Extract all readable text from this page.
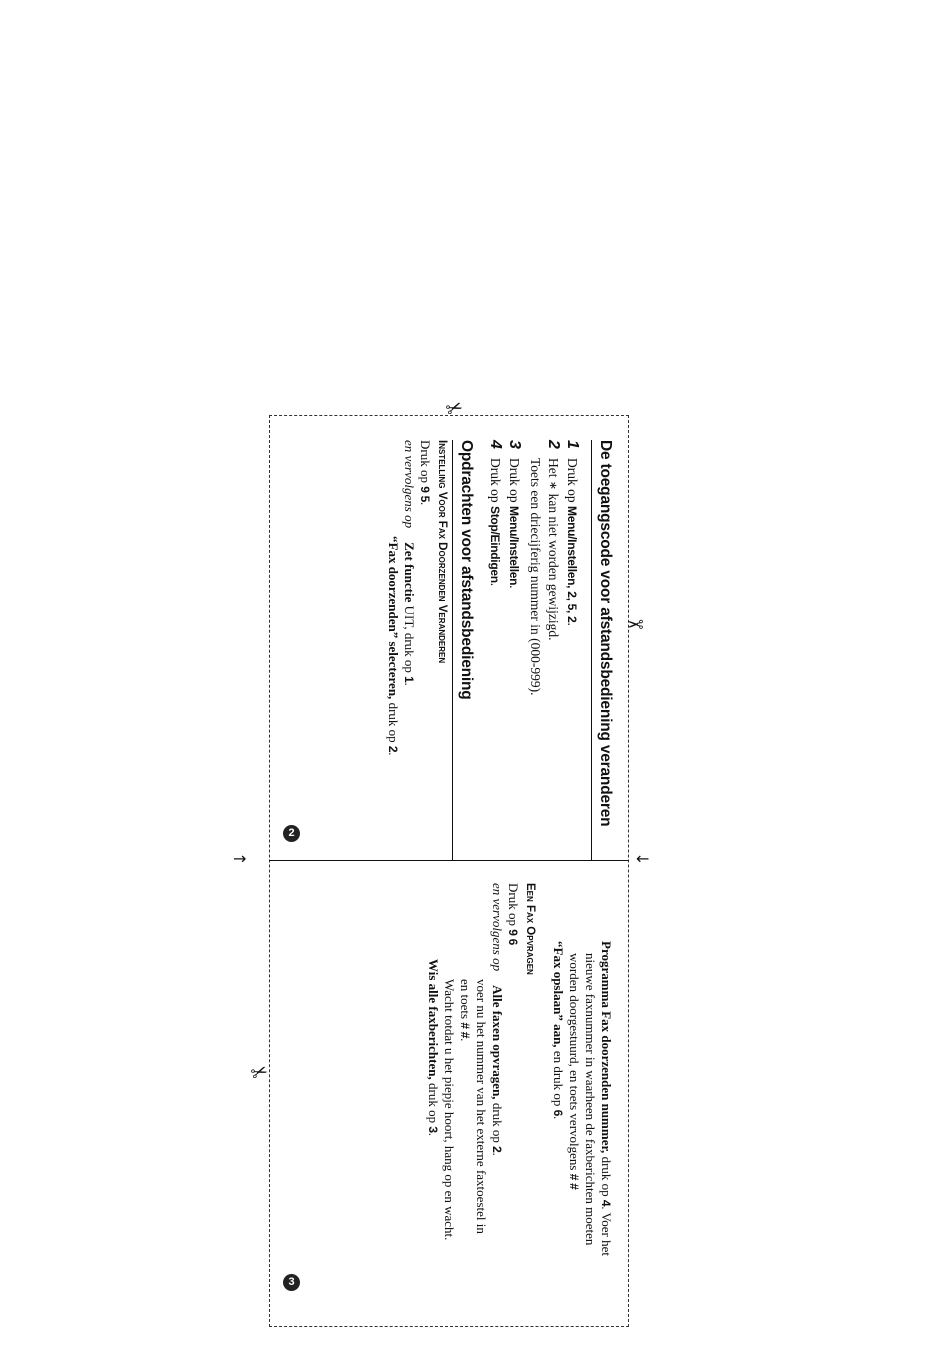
→	←
✂
✂
✂
De toegangscode voor afstandsbediening veranderen
1
Druk op Menu/Instellen, 2, 5, 2.
2
Het ∗ kan niet worden gewijzigd.
Toets een driecijferig nummer in (000-999).
3
Druk op Menu/Instellen.
4
Druk op Stop/Eindigen.
Opdrachten voor afstandsbediening
Instelling Voor Fax Doorzenden Veranderen
Druk op 9 5.
en vervolgens opZet functie UIT, druk op 1.
“Fax doorzenden” selecteren, druk op 2.
2
Programma Fax doorzenden nummer, druk op 4. Voer het
nieuwe faxnummer in waarheen de faxberichten moeten
worden doorgestuurd, en toets vervolgens # #
“Fax opslaan” aan, en druk op 6.
Een Fax Opvragen
Druk op 9 6
en vervolgens opAlle faxen opvragen, druk op 2.
voer nu het nummer van het externe faxtoestel in
en toets # #.
Wacht totdat u het piepje hoort, hang op en wacht.
Wis alle faxberichten, druk op 3.
3
